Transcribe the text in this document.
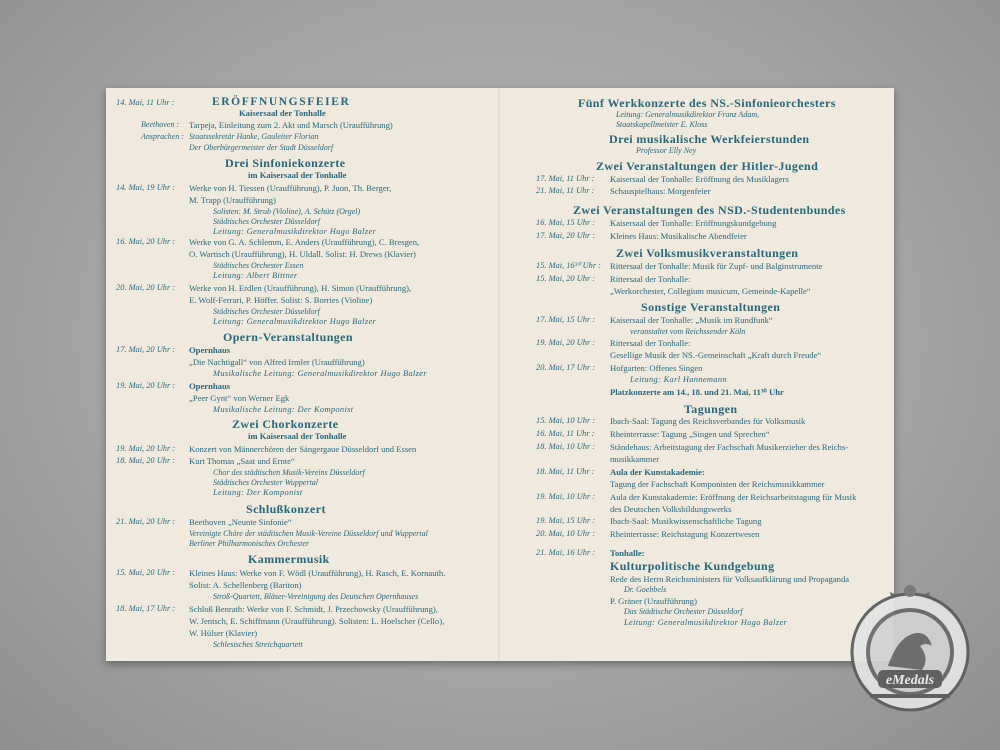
14. Mai, 11 Uhr :	ERÖFFNUNGSFEIER
Kaisersaal der Tonhalle
Beethoven : Tarpeja, Einleitung zum 2. Akt und Marsch (Uraufführung)
Ansprachen : Staatssekretär Hanke, Gauleiter Florian
Der Oberbürgermeister der Stadt Düsseldorf
Drei Sinfoniekonzerte
im Kaisersaal der Tonhalle
14. Mai, 19 Uhr : Werke von H. Tiessen (Uraufführung), P. Juon, Th. Berger,
M. Trapp (Uraufführung)
Solisten: M. Strub (Violine), A. Schütz (Orgel)
Städtisches Orchester Düsseldorf
Leitung: Generalmusikdirektor Hugo Balzer
16. Mai, 20 Uhr : Werke von G. A. Schlemm, E. Anders (Uraufführung), C. Bresgen,
O. Wartisch (Uraufführung), H. Uldall. Solist: H. Drews (Klavier)
Städtisches Orchester Essen
Leitung: Albert Bittner
20. Mai, 20 Uhr : Werke von H. Erdlen (Uraufführung), H. Simon (Uraufführung),
E. Wolf-Ferrari, P. Höffer. Solist: S. Borries (Violine)
Städtisches Orchester Düsseldorf
Leitung: Generalmusikdirektor Hugo Balzer
Opern-Veranstaltungen
17. Mai, 20 Uhr : Opernhaus
„Die Nachtigall“ von Alfred Irmler (Uraufführung)
Musikalische Leitung: Generalmusikdirektor Hugo Balzer
19. Mai, 20 Uhr : Opernhaus
„Peer Gynt“ von Werner Egk
Musikalische Leitung: Der Komponist
Zwei Chorkonzerte
im Kaisersaal der Tonhalle
19. Mai, 20 Uhr : Konzert von Männerchören der Sängergaue Düsseldorf und Essen
18. Mai, 20 Uhr : Kurt Thomas „Saat und Ernte“
Chor des städtischen Musik-Vereins Düsseldorf
Städtisches Orchester Wuppertal
Leitung: Der Komponist
Schlußkonzert
21. Mai, 20 Uhr : Beethoven „Neunte Sinfonie“
Vereinigte Chöre der städtischen Musik-Vereine Düsseldorf und Wuppertal
Berliner Philharmonisches Orchester
Kammermusik
15. Mai, 20 Uhr : Kleines Haus: Werke von F. Wödl (Uraufführung), H. Rasch, E. Kornauth.
Solist: A. Schellenberg (Bariton)
Stroß-Quartett, Bläser-Vereinigung des Deutschen Opernhauses
18. Mai, 17 Uhr : Schloß Benrath: Werke von F. Schmidt, J. Przechowsky (Uraufführung),
W. Jentsch, E. Schiffmann (Uraufführung). Solisten: L. Hoelscher (Cello),
W. Hülser (Klavier)
Schlesisches Streichquartett
Fünf Werkkonzerte des NS.-Sinfonieorchesters
Leitung: Generalmusikdirektor Franz Adam,
Staatskapellmeister E. Kloss
Drei musikalische Werkfeierstunden
Professor Elly Ney
Zwei Veranstaltungen der Hitler-Jugend
17. Mai, 11 Uhr : Kaisersaal der Tonhalle: Eröffnung des Musiklagers
21. Mai, 11 Uhr : Schauspielhaus: Morgenfeier
Zwei Veranstaltungen des NSD.-Studentenbundes
16. Mai, 15 Uhr : Kaisersaal der Tonhalle: Eröffnungskundgebung
17. Mai, 20 Uhr : Kleines Haus: Musikalische Abendfeier
Zwei Volksmusikveranstaltungen
15. Mai, 16³⁰ Uhr : Rittersaal der Tonhalle: Musik für Zupf- und Balginstrumente
15. Mai, 20 Uhr : Rittersaal der Tonhalle:
„Werkorchester, Collegium musicum, Gemeinde-Kapelle“
Sonstige Veranstaltungen
17. Mai, 15 Uhr : Kaisersaal der Tonhalle: „Musik im Rundfunk“
veranstaltet vom Reichssender Köln
19. Mai, 20 Uhr : Rittersaal der Tonhalle:
Gesellige Musik der NS.-Gemeinschaft „Kraft durch Freude“
20. Mai, 17 Uhr : Hofgarten: Offenes Singen
Leitung: Karl Hannemann
Platzkonzerte am 14., 18. und 21. Mai, 11³⁰ Uhr
Tagungen
15. Mai, 10 Uhr : Ibach-Saal: Tagung des Reichsverbandes für Volksmusik
16. Mai, 11 Uhr : Rheinterrasse: Tagung „Singen und Sprechen“
18. Mai, 10 Uhr : Ständehaus: Arbeitstagung der Fachschaft Musikerzieher des Reichs-
musikkammer
18. Mai, 11 Uhr : Aula der Kunstakademie:
Tagung der Fachschaft Komponisten der Reichsmusikkammer
19. Mai, 10 Uhr : Aula der Kunstakademie: Eröffnung der Reichsarbeitstagung für Musik
des Deutschen Volksbildungswerks
19. Mai, 15 Uhr : Ibach-Saal: Musikwissenschaftliche Tagung
20. Mai, 10 Uhr : Rheinterrasse: Reichstagung Konzertwesen
21. Mai, 16 Uhr : Tonhalle:
Kulturpolitische Kundgebung
Rede des Herrn Reichsministers für Volksaufklärung und Propaganda
Dr. Goebbels
P. Gräner (Uraufführung)
Das Städtische Orchester Düsseldorf
Leitung: Generalmusikdirektor Hugo Balzer
eMedals
